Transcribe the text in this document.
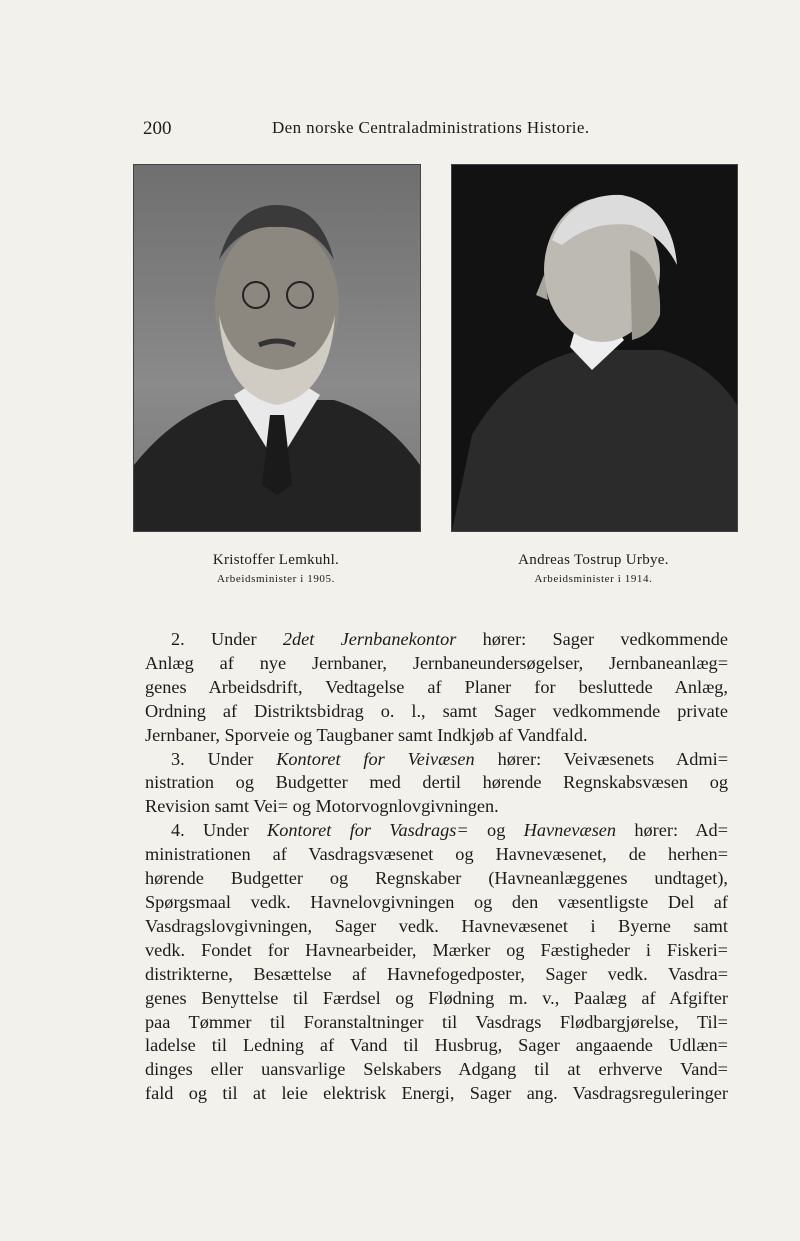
200	Den norske Centraladministrations Historie.
Kristoffer Lemkuhl.
Arbeidsminister i 1905.
Andreas Tostrup Urbye.
Arbeidsminister i 1914.
2. Under 2det Jernbanekontor hører: Sager vedkommende
Anlæg af nye Jernbaner, Jernbaneundersøgelser, Jernbaneanlæg=
genes Arbeidsdrift, Vedtagelse af Planer for besluttede Anlæg,
Ordning af Distriktsbidrag o. l., samt Sager vedkommende private
Jernbaner, Sporveie og Taugbaner samt Indkjøb af Vandfald.
3. Under Kontoret for Veivæsen hører: Veivæsenets Admi=
nistration og Budgetter med dertil hørende Regnskabsvæsen og
Revision samt Vei= og Motorvognlovgivningen.
4. Under Kontoret for Vasdrags= og Havnevæsen hører: Ad=
ministrationen af Vasdragsvæsenet og Havnevæsenet, de herhen=
hørende Budgetter og Regnskaber (Havneanlæggenes undtaget),
Spørgsmaal vedk. Havnelovgivningen og den væsentligste Del af
Vasdragslovgivningen, Sager vedk. Havnevæsenet i Byerne samt
vedk. Fondet for Havnearbeider, Mærker og Fæstigheder i Fiskeri=
distrikterne, Besættelse af Havnefogedposter, Sager vedk. Vasdra=
genes Benyttelse til Færdsel og Flødning m. v., Paalæg af Afgifter
paa Tømmer til Foranstaltninger til Vasdrags Flødbargjørelse, Til=
ladelse til Ledning af Vand til Husbrug, Sager angaaende Udlæn=
dinges eller uansvarlige Selskabers Adgang til at erhverve Vand=
fald og til at leie elektrisk Energi, Sager ang. Vasdragsreguleringer
